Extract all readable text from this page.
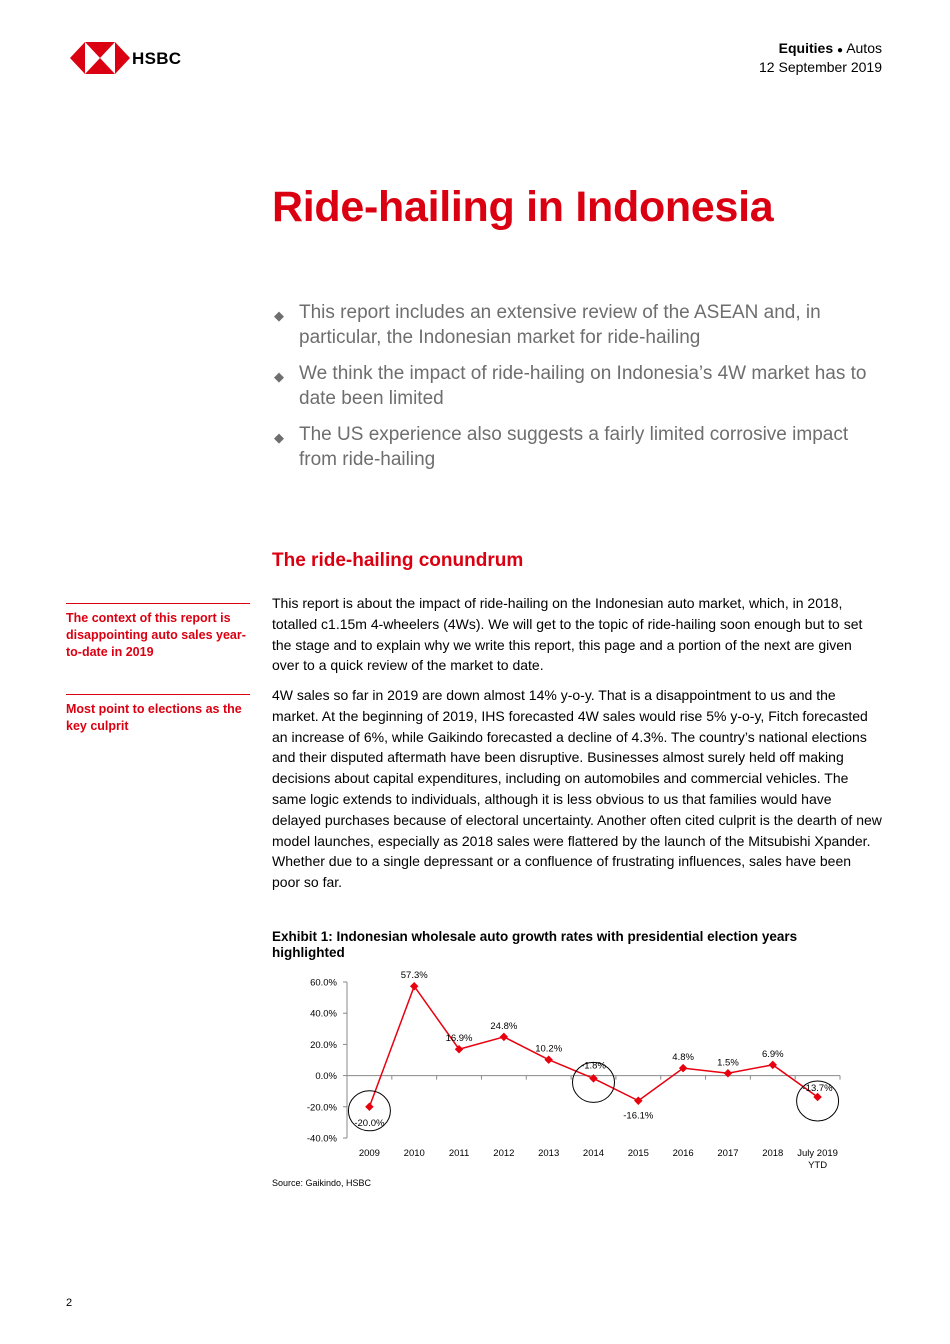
HSBC
Equities ● Autos
12 September 2019
Ride-hailing in Indonesia
◆ This report includes an extensive review of the ASEAN and, in particular, the Indonesian market for ride-hailing
◆ We think the impact of ride-hailing on Indonesia’s 4W market has to date been limited
◆ The US experience also suggests a fairly limited corrosive impact from ride-hailing
The ride-hailing conundrum
The context of this report is disappointing auto sales year-to-date in 2019
Most point to elections as the key culprit

This report is about the impact of ride-hailing on the Indonesian auto market, which, in 2018, totalled c1.15m 4-wheelers (4Ws). We will get to the topic of ride-hailing soon enough but to set the stage and to explain why we write this report, this page and a portion of the next are given over to a quick review of the market to date.

4W sales so far in 2019 are down almost 14% y-o-y. That is a disappointment to us and the market. At the beginning of 2019, IHS forecasted 4W sales would rise 5% y-o-y, Fitch forecasted an increase of 6%, while Gaikindo forecasted a decline of 4.3%. The country’s national elections and their disputed aftermath have been disruptive. Businesses almost surely held off making decisions about capital expenditures, including on automobiles and commercial vehicles. The same logic extends to individuals, although it is less obvious to us that families would have delayed purchases because of electoral uncertainty. Another often cited culprit is the dearth of new model launches, especially as 2018 sales were flattered by the launch of the Mitsubishi Xpander. Whether due to a single depressant or a confluence of frustrating influences, sales have been poor so far.

Exhibit 1: Indonesian wholesale auto growth rates with presidential election years highlighted
-40.0%
-20.0%
0.0%
20.0%
40.0%
60.0%
2009 2010	2011	2012 2013 2014 2015 2016 2017 2018 July 2019
YTD
-20.0%
57.3%
16.9%
24.8%
10.2%
-1.8%
-16.1%
4.8% 1.5%
6.9%
-13.7%
Source: Gaikindo, HSBC
2
